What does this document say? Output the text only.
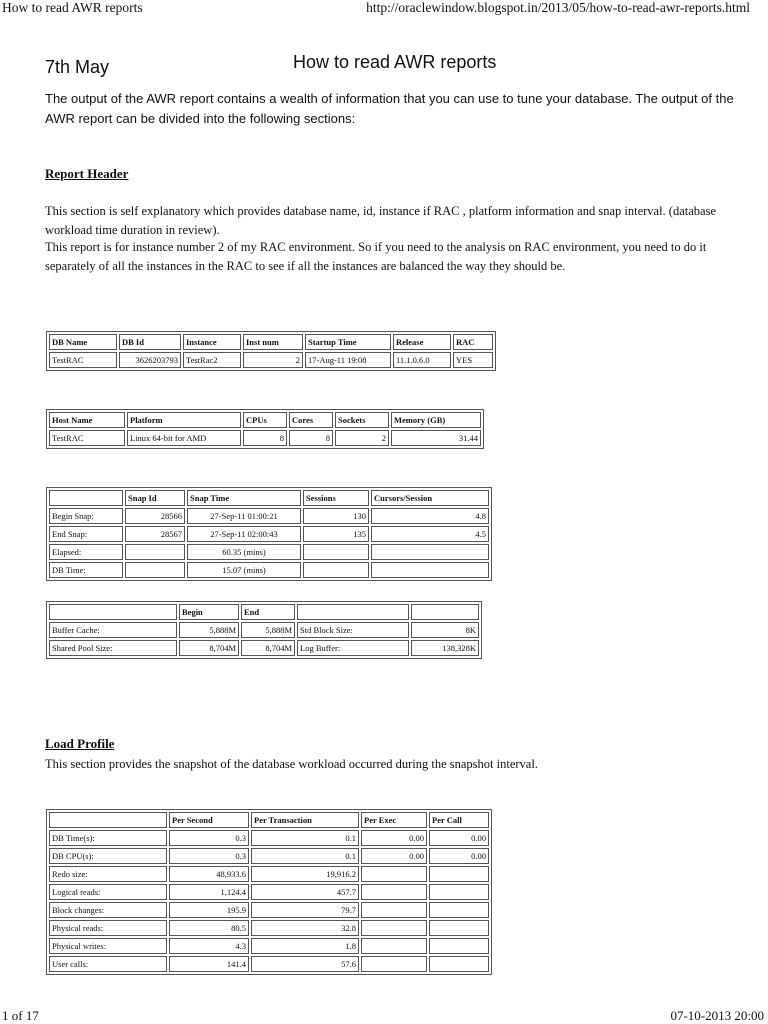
How to read AWR reports	http://oraclewindow.blogspot.in/2013/05/how-to-read-awr-reports.html
7th May	How to read AWR reports
The output of the AWR report contains a wealth of information that you can use to tune your database. The output of the AWR report can be divided into the following sections:
Report Header
This section is self explanatory which provides database name, id, instance if RAC , platform information and snap interval. (database workload time duration in review).
This report is for instance number 2 of my RAC environment. So if you need to the analysis on RAC environment, you need to do it separately of all the instances in the RAC to see if all the instances are balanced the way they should be.
DB Name	DB Id	Instance	Inst num	Startup Time	Release	RAC
TestRAC	3626203793	TestRac2	2	17-Aug-11 19:08	11.1.0.6.0	YES
Host Name	Platform	CPUs	Cores	Sockets	Memory (GB)
TestRAC	Linux 64-bit for AMD	8	8	2	31.44
	Snap Id	Snap Time	Sessions	Cursors/Session
Begin Snap:	28566	27-Sep-11 01:00:21	130	4.8
End Snap:	28567	27-Sep-11 02:00:43	135	4.5
Elapsed:		60.35 (mins)		
DB Time:		15.07 (mins)		
	Begin	End		
Buffer Cache:	5,888M	5,888M	Std Block Size:	8K
Shared Pool Size:	8,704M	8,704M	Log Buffer:	138,328K
Load Profile
This section provides the snapshot of the database workload occurred during the snapshot interval.
	Per Second	Per Transaction	Per Exec	Per Call
DB Time(s):	0.3	0.1	0.00	0.00
DB CPU(s):	0.3	0.1	0.00	0.00
Redo size:	48,933.6	19,916.2		
Logical reads:	1,124.4	457.7		
Block changes:	195.9	79.7		
Physical reads:	80.5	32.8		
Physical writes:	4.3	1.8		
User calls:	141.4	57.6		
1 of 17	07-10-2013 20:00
